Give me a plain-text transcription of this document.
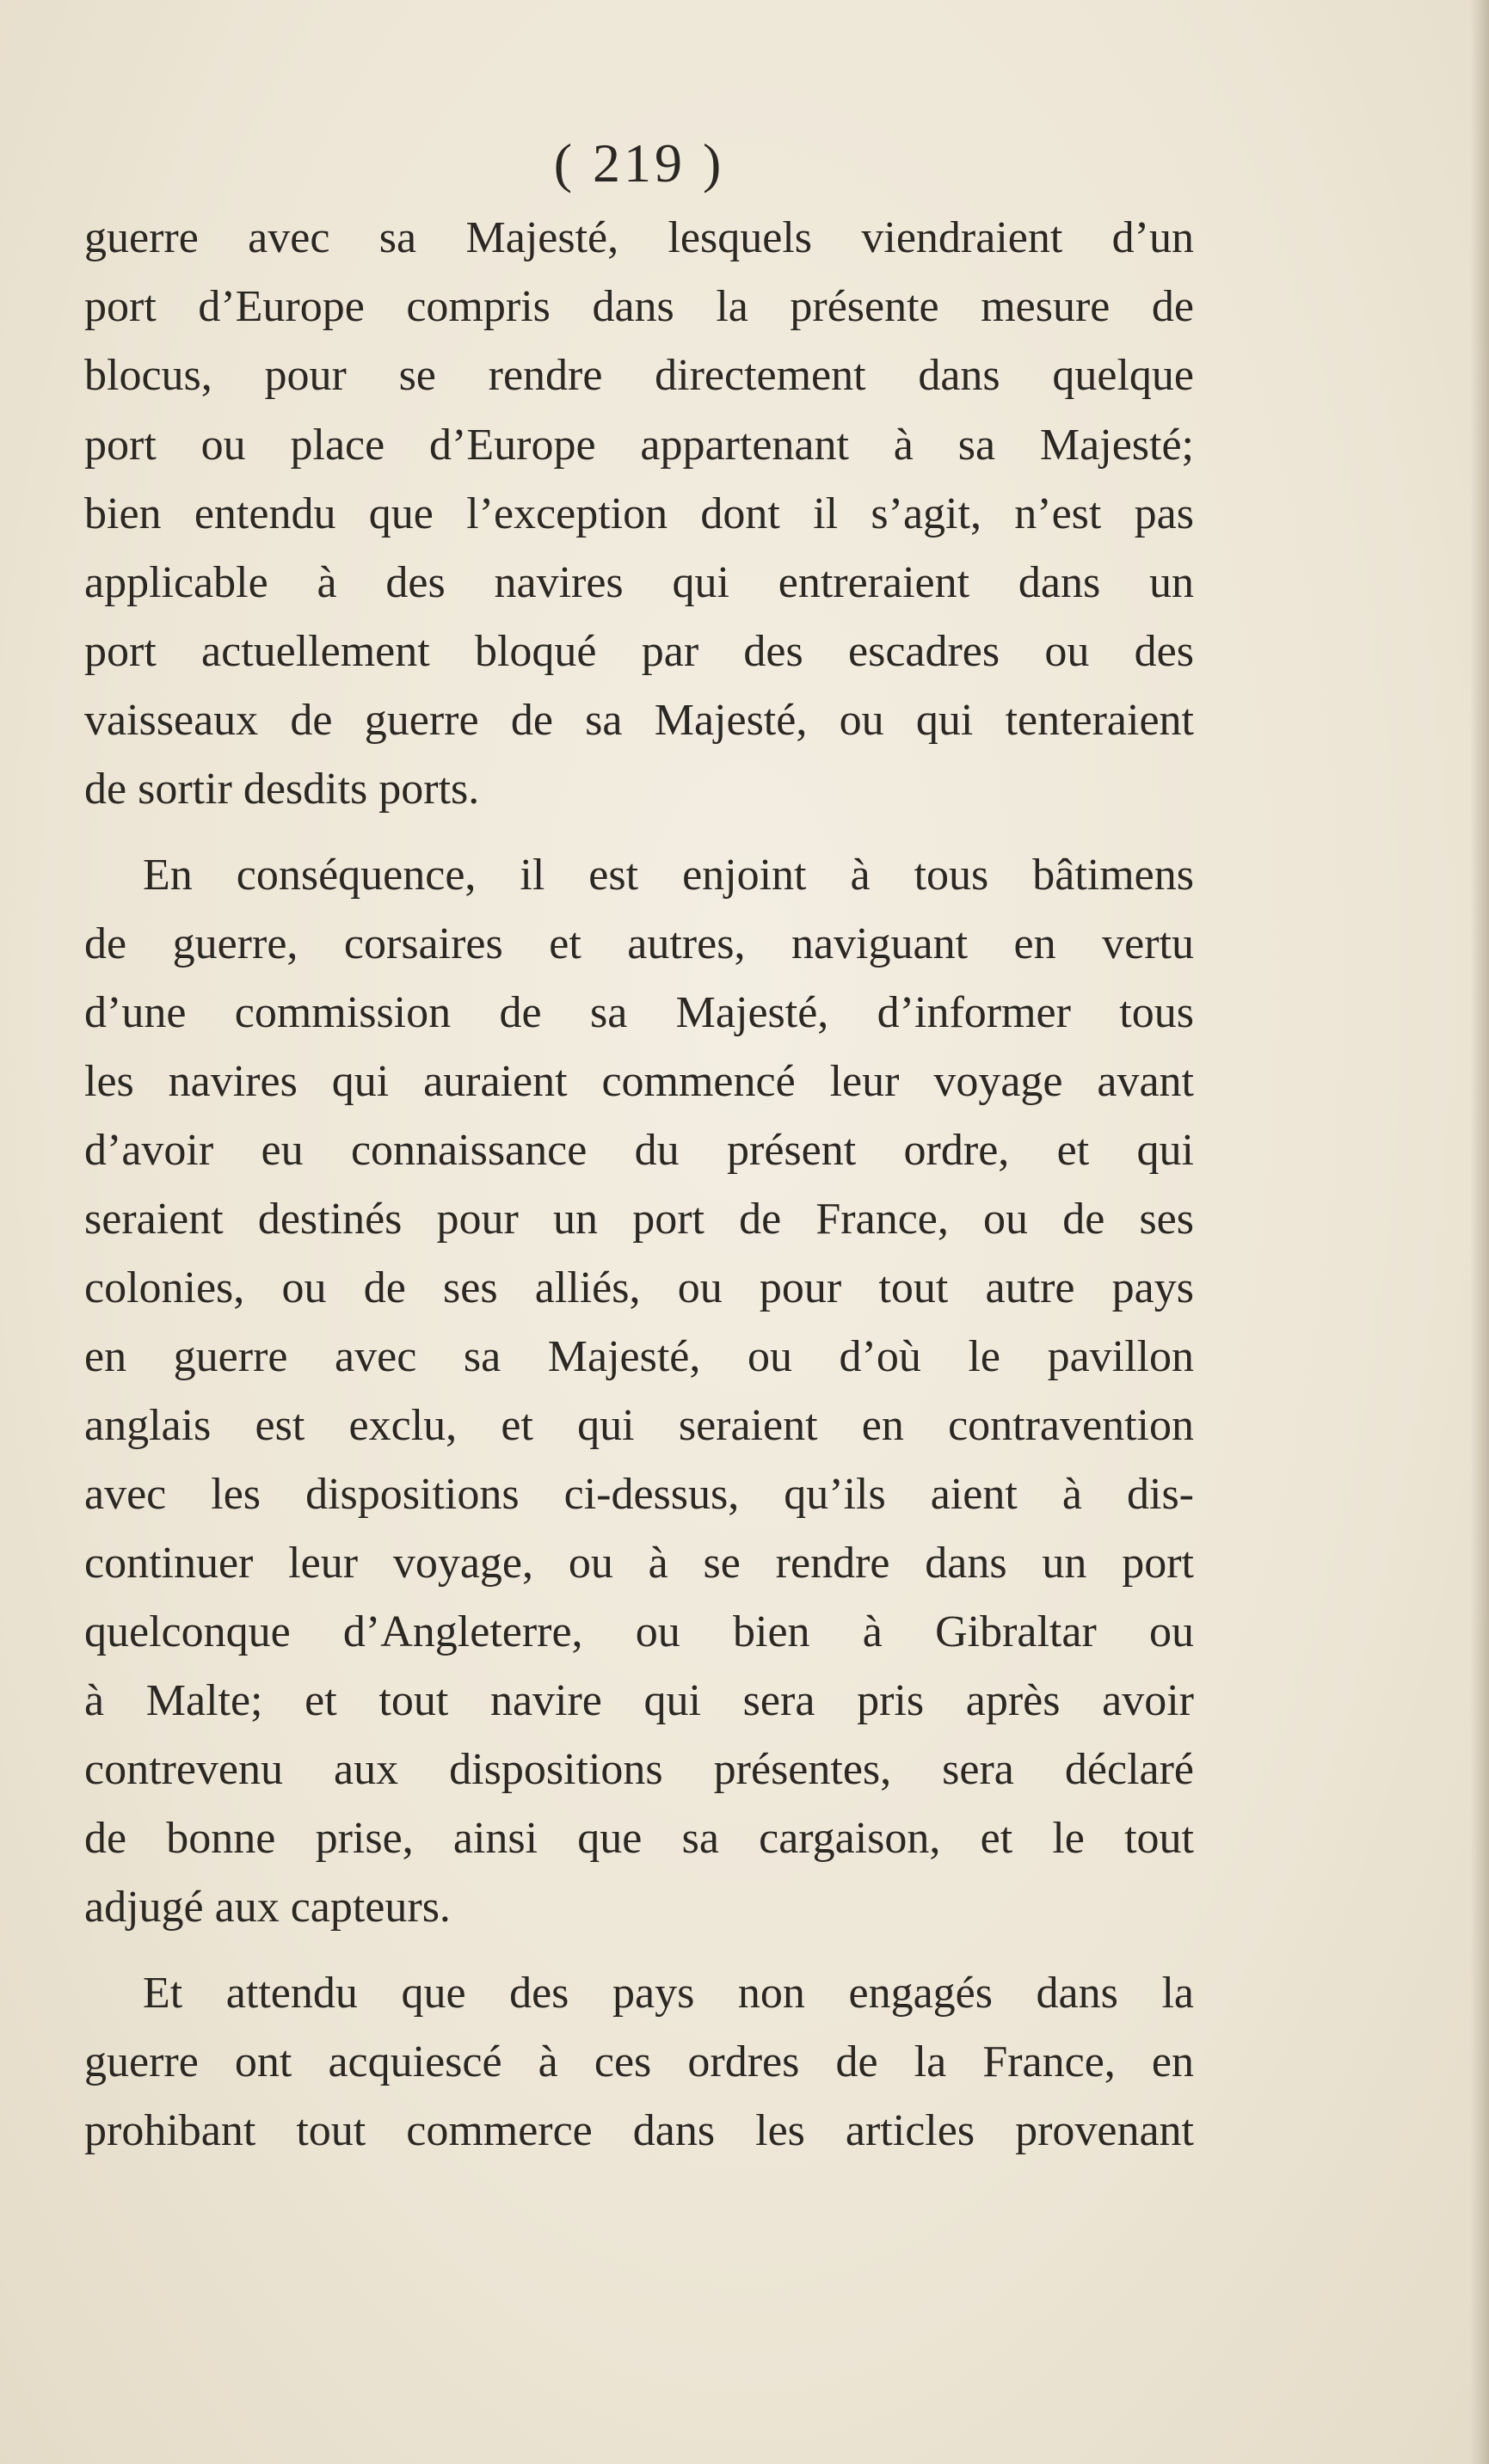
( 219 )
guerre avec sa Majesté, lesquels viendraient d’un
port d’Europe compris dans la présente mesure de
blocus, pour se rendre directement dans quelque
port ou place d’Europe appartenant à sa Majesté;
bien entendu que l’exception dont il s’agit, n’est pas
applicable à des navires qui entreraient dans un
port actuellement bloqué par des escadres ou des
vaisseaux de guerre de sa Majesté, ou qui tenteraient
de sortir desdits ports.
En conséquence, il est enjoint à tous bâtimens
de guerre, corsaires et autres, naviguant en vertu
d’une commission de sa Majesté, d’informer tous
les navires qui auraient commencé leur voyage avant
d’avoir eu connaissance du présent ordre, et qui
seraient destinés pour un port de France, ou de ses
colonies, ou de ses alliés, ou pour tout autre pays
en guerre avec sa Majesté, ou d’où le pavillon
anglais est exclu, et qui seraient en contravention
avec les dispositions ci-dessus, qu’ils aient à dis-
continuer leur voyage, ou à se rendre dans un port
quelconque d’Angleterre, ou bien à Gibraltar ou
à Malte; et tout navire qui sera pris après avoir
contrevenu aux dispositions présentes, sera déclaré
de bonne prise, ainsi que sa cargaison, et le tout
adjugé aux capteurs.
Et attendu que des pays non engagés dans la
guerre ont acquiescé à ces ordres de la France, en
prohibant tout commerce dans les articles provenant
